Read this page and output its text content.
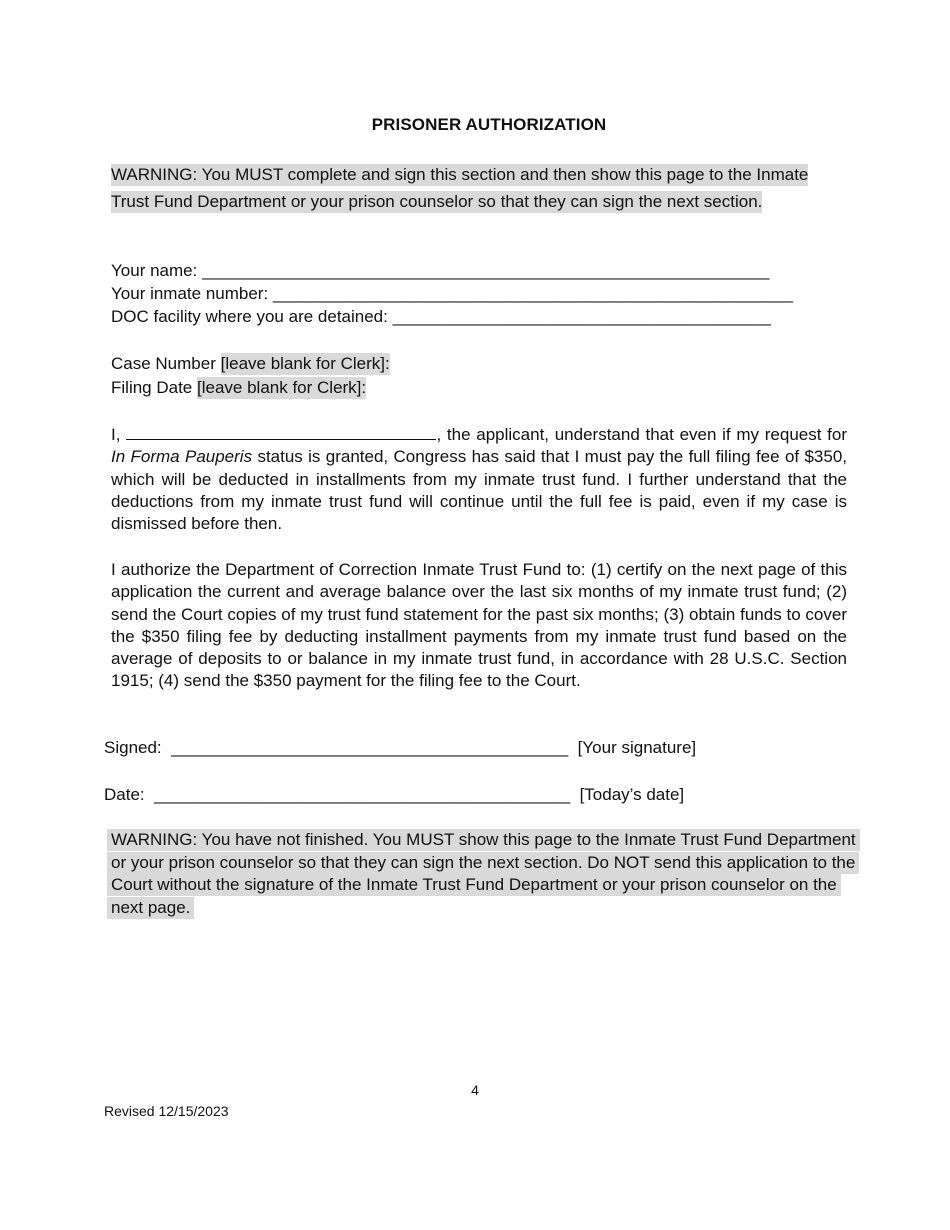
PRISONER AUTHORIZATION
WARNING: You MUST complete and sign this section and then show this page to the Inmate Trust Fund Department or your prison counselor so that they can sign the next section.
Your name: ____________________________________________________________
Your inmate number: _______________________________________________________
DOC facility where you are detained: ________________________________________
Case Number [leave blank for Clerk]:
Filing Date [leave blank for Clerk]:
I,	, the applicant, understand that even if my request for In Forma Pauperis status is granted, Congress has said that I must pay the full filing fee of $350, which will be deducted in installments from my inmate trust fund. I further understand that the deductions from my inmate trust fund will continue until the full fee is paid, even if my case is dismissed before then.
I authorize the Department of Correction Inmate Trust Fund to: (1) certify on the next page of this application the current and average balance over the last six months of my inmate trust fund; (2) send the Court copies of my trust fund statement for the past six months; (3) obtain funds to cover the $350 filing fee by deducting installment payments from my inmate trust fund based on the average of deposits to or balance in my inmate trust fund, in accordance with 28 U.S.C. Section 1915; (4) send the $350 payment for the filing fee to the Court.
Signed: __________________________________________ [Your signature]
Date: ____________________________________________ [Today’s date]
WARNING: You have not finished. You MUST show this page to the Inmate Trust Fund Department or your prison counselor so that they can sign the next section. Do NOT send this application to the Court without the signature of the Inmate Trust Fund Department or your prison counselor on the next page.
4
Revised 12/15/2023
